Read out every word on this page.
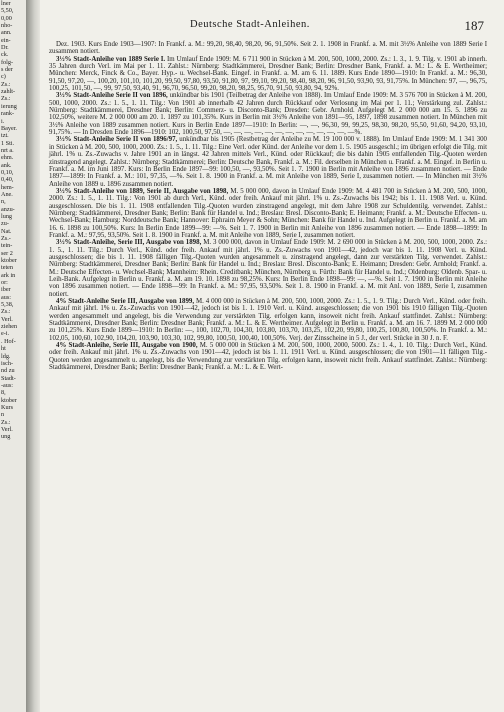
lner
5,50,
0,00
nho-
ann.
ein-
Dr.
ck.
folg-
s der
c)
Zs.:
zahlt-
Zs.:
ierung
rank-
i.
Bayer.
tzt.
1 Sti.
nrt a.
ehm.
ank.
0,10,
0,40,
hem-
Ane.
n,
anzu-
lung
zu-
Nat.
Zs.-
tein-
ser 2
ktober
teten
ark in
or:
iber
aus:
5,38,
Zs.:
Verl.
ziehen
e-i.
. Hof-
ht
ldg.
isch-
nd zu
Stadt-
-aus:
8,
ktober
Kurs
n
Zs.:
Verl.
ung
Deutsche Stadt-Anleihen.	187

Dez. 1903. Kurs Ende 1903—1907: In Frankf. a. M.: 99,20, 98,40, 98,20, 96, 91,50%. Seit 2. 1. 1908 in Frankf. a. M. mit 3½% Anleihe von 1889 Serie I zusammen notiert.

3½% Stadt-Anleihe von 1889 Serie I. Im Umlauf Ende 1909: M. 6 711 900 in Stücken à M. 200, 500, 1000, 2000. Zs.: 1. 3., 1. 9. Tilg. v. 1901 ab innerh. 35 Jahren durch Verl. im Mai per 1. 11. Zahlst.: Nürnberg: Stadtkämmerei, Dresdner Bank; Berlin: Dresdner Bank, Frankf. a. M.: L. & E. Wertheimer; München: Merck, Finck & Co., Bayer. Hyp.- u. Wechsel-Bank. Eingef. in Frankf. a. M. am 6. 11. 1889. Kurs Ende 1890—1910: In Frankf. a. M.: 96,30, 91,50, 97,20, —, 100,20, 101,10, 101,20, 99,50, 97,80, 93,50, 91,80, 97, 99,10, 99,20, 98,40, 98,20, 96, 91,50, 93,90, 93, 91,75%. In München: 97, —, 96,75, 100,25, 101,50, —, 99, 97,50, 93,40, 91, 96,70, 96,50, 99,20, 98,20, 98,25, 95,70, 91,50, 93,80, 94, 92%.

3½% Stadt-Anleihe Serie II von 1896, unkündbar bis 1901 (Teilbetrag der Anleihe von 1888). Im Umlauf Ende 1909: M. 3 576 700 in Stücken à M. 200, 500, 1000, 2000. Zs.: 1. 5., 1. 11. Tilg.: Von 1901 ab innerhalb 42 Jahren durch Rückkauf oder Verlosung im Mai per 1. 11.; Verstärkung zul. Zahlst.: Nürnberg: Stadtkämmerei, Dresdner Bank; Berlin: Commerz- u. Disconto-Bank; Dresden: Gebr. Arnhold. Aufgelegt M. 2 000 000 am 15. 5. 1896 zu 102,50%, weitere M. 2 000 000 am 20. 1. 1897 zu 101,35%. Kurs in Berlin mit 3½% Anleihe von 1891—95, 1897, 1898 zusammen notiert. In München mit 3½% Anleihe von 1889 zusammen notiert. Kurs in Berlin Ende 1897—1910: In Berlin: —, —, 96,30, 99, 99,25, 98,30, 98,20, 95,50, 91,60, 94,20, 93,10, 91,75%. — In Dresden Ende 1896—1910: 102, 100,50, 97,50, —, —, —, —, —, —, —, —, —, —, —, —, —%.

3½% Stadt-Anleihe Serie II von 1896/97, unkündbar bis 1905 (Restbetrag der Anleihe zu M. 19 100 000 v. 1888). Im Umlauf Ende 1909: M. 1 341 300 in Stücken à M. 200, 500, 1000, 2000. Zs.: 1. 5., 1. 11. Tilg.: Eine Verl. oder Künd. der Anleihe vor dem 1. 5. 1905 ausgeschl.; im übrigen erfolgt die Tilg. mit jährl. 1% u. Zs.-Zuwachs v. Jahre 1901 an in längst. 42 Jahren mittels Verl., Künd. oder Rückkauf; die bis dahin 1905 entfallenden Tilg.-Quoten werden zinstragend angelegt. Zahlst.: Nürnberg: Stadtkämmerei; Berlin: Deutsche Bank, Frankf. a. M.: Fil. derselben in München u. Frankf. a. M. Eingef. in Berlin u. Frankf. a. M. im Juni 1897. Kurs: In Berlin Ende 1897—99: 100,50, —, 93,50%. Seit 1. 7. 1900 in Berlin mit Anleihe von 1896 zusammen notiert. — Ende 1897—1899: In Frankf. a. M.: 101, 97,35, —%. Seit 1. 8. 1900 in Frankf. a. M. mit Anleihe von 1889, Serie I, zusammen notiert. — In München mit 3½% Anleihe von 1889 u. 1896 zusammen notiert.

3½% Stadt-Anleihe von 1889, Serie II, Ausgabe von 1898, M. 5 000 000, davon in Umlauf Ende 1909: M. 4 481 700 in Stücken à M. 200, 500, 1000, 2000. Zs.: 1. 5., 1. 11. Tilg.: Von 1901 ab durch Verl., Künd. oder freih. Ankauf mit jährl. 1% u. Zs.-Zuwachs bis 1942; bis 1. 11. 1908 Verl. u. Künd. ausgeschlossen. Die bis 1. 11. 1908 entfallenden Tilg.-Quoten wurden zinstragend angelegt, mit dem Jahre 1908 zur Schuldentilg. verwendet. Zahlst.: Nürnberg: Stadtkämmerei, Dresdner Bank; Berlin: Bank für Handel u. Ind.; Breslau: Bresl. Disconto-Bank; E. Heimann; Frankf. a. M.: Deutsche Effecten- u. Wechsel-Bank; Hamburg: Norddeutsche Bank; Hannover: Ephraim Meyer & Sohn; München: Bank für Handel u. Ind. Aufgelegt in Berlin u. Frankf. a. M. am 16. 6. 1898 zu 100,50%. Kurs: In Berlin Ende 1899—99: —%. Seit 1. 7. 1900 in Berlin mit Anleihe von 1896 zusammen notiert. — Ende 1898—1899: In Frankf. a. M.: 97,95, 93,50%. Seit 1. 8. 1900 in Frankf. a. M. mit Anleihe von 1889, Serie I, zusammen notiert.

3½% Stadt-Anleihe, Serie III, Ausgabe von 1898, M. 3 000 000, davon in Umlauf Ende 1909: M. 2 690 000 in Stücken à M. 200, 500, 1000, 2000. Zs.: 1. 5., 1. 11. Tilg.: Durch Verl., Künd. oder freih. Ankauf mit jährl. 1% u. Zs.-Zuwachs von 1901—42, jedoch war bis 1. 11. 1908 Verl. u. Künd. ausgeschlossen; die bis 1. 11. 1908 fälligen Tilg.-Quoten wurden angesammelt u. zinstragend angelegt, dann zur verstärkten Tilg. verwendet. Zahlst.: Nürnberg: Stadtkämmerei, Dresdner Bank; Berlin: Bank für Handel u. Ind.; Breslau: Bresl. Disconto-Bank; E. Heimann; Dresden: Gebr. Arnhold; Frankf. a. M.: Deutsche Effecten- u. Wechsel-Bank; Mannheim: Rhein. Creditbank; München, Nürnberg u. Fürth: Bank für Handel u. Ind.; Oldenburg: Oldenb. Spar- u. Leih-Bank. Aufgelegt in Berlin u. Frankf. a. M. am 19. 10. 1898 zu 98,25%. Kurs: In Berlin Ende 1898—99: —, —%. Seit 1. 7. 1900 in Berlin mit Anleihe von 1896 zusammen notiert. — Ende 1898—99: In Frankf. a. M.: 97,95, 93,50%. Seit 1. 8. 1900 in Frankf. a. M. mit Anl. von 1889, Serie I, zusammen notiert.

4% Stadt-Anleihe Serie III, Ausgabe von 1899, M. 4 000 000 in Stücken à M. 200, 500, 1000, 2000. Zs.: 1. 5., 1. 9. Tilg.: Durch Verl., Künd. oder freih. Ankauf mit jährl. 1% u. Zs.-Zuwachs von 1901—42, jedoch ist bis 1. 1. 1910 Verl. u. Künd. ausgeschlossen; die von 1901 bis 1910 fälligen Tilg.-Quoten werden angesammelt und angelegt, bis die Verwendung zur verstärkten Tilg. erfolgen kann, insoweit nicht freih. Ankauf stattfindet. Zahlst.: Nürnberg: Stadtkämmerei, Dresdner Bank; Berlin: Dresdner Bank; Frankf. a. M.: L. & E. Wertheimer. Aufgelegt in Berlin u. Frankf. a. M. am 16. 7. 1899 M. 2 000 000 zu 101,25%. Kurs Ende 1899—1910: In Berlin: —, 100, 102,70, 104,30, 103,80, 103,70, 103,25, 102,20, 99,80, 100,25, 100,80, 100,50%. In Frankf. a. M.: 102,05, 100,60, 102,90, 104,20, 103,90, 103,30, 102, 99,80, 100,50, 100,40, 100,50%. Verj. der Zinsscheine in 5 J., der verl. Stücke in 30 J. n. F.

4% Stadt-Anleihe, Serie III, Ausgabe von 1900, M. 5 000 000 in Stücken à M. 200, 500, 1000, 2000, 5000. Zs.: 1. 4., 1. 10. Tilg.: Durch Verl., Künd. oder freih. Ankauf mit jährl. 1% u. Zs.-Zuwachs von 1901—42, jedoch ist bis 1. 11. 1911 Verl. u. Künd. ausgeschlossen; die von 1901—11 fälligen Tilg.-Quoten werden angesammelt u. angelegt, bis die Verwendung zur verstärkten Tilg. erfolgen kann, insoweit nicht freih. Ankauf stattfindet. Zahlst.: Nürnberg: Stadtkämmerei, Dresdner Bank; Berlin: Dresdner Bank; Frankf. a. M.: L. & E. Wert-
